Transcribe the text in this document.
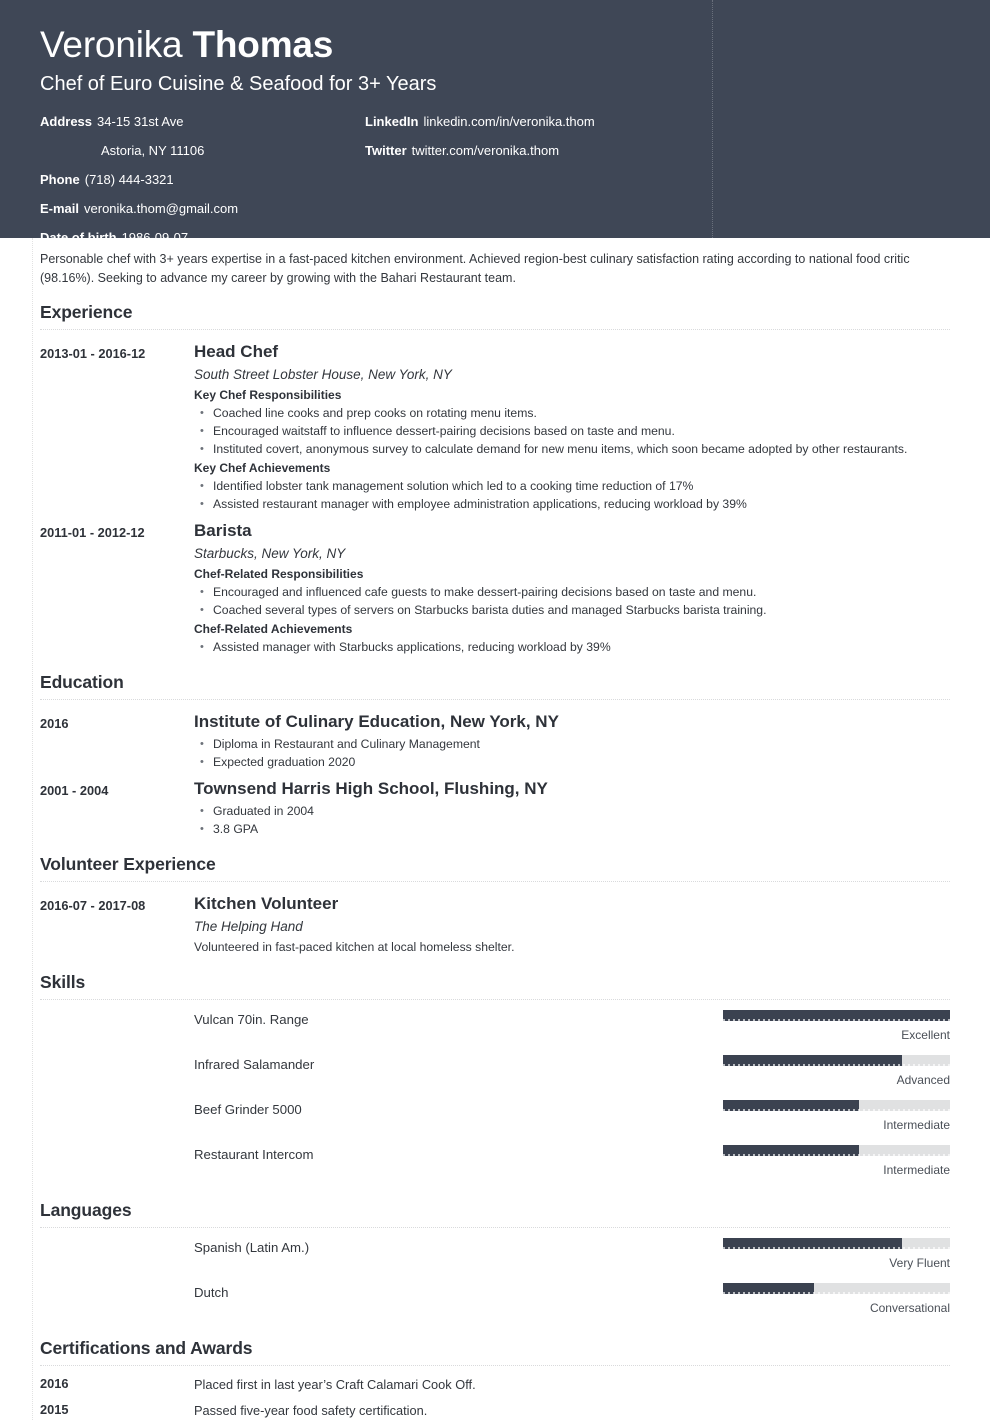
Veronika Thomas
Chef of Euro Cuisine & Seafood for 3+ Years
Address 34-15 31st Ave
Astoria, NY 11106
Phone (718) 444-3321
E-mail veronika.thom@gmail.com
Date of birth 1986-09-07
LinkedIn linkedin.com/in/veronika.thom
Twitter twitter.com/veronika.thom
Personable chef with 3+ years expertise in a fast-paced kitchen environment. Achieved region-best culinary satisfaction rating according to national food critic (98.16%). Seeking to advance my career by growing with the Bahari Restaurant team.
Experience
2013-01 - 2016-12	Head Chef
South Street Lobster House, New York, NY
Key Chef Responsibilities
• Coached line cooks and prep cooks on rotating menu items.
• Encouraged waitstaff to influence dessert-pairing decisions based on taste and menu.
• Instituted covert, anonymous survey to calculate demand for new menu items, which soon became adopted by other restaurants.
Key Chef Achievements
• Identified lobster tank management solution which led to a cooking time reduction of 17%
• Assisted restaurant manager with employee administration applications, reducing workload by 39%
2011-01 - 2012-12	Barista
Starbucks, New York, NY
Chef-Related Responsibilities
• Encouraged and influenced cafe guests to make dessert-pairing decisions based on taste and menu.
• Coached several types of servers on Starbucks barista duties and managed Starbucks barista training.
Chef-Related Achievements
• Assisted manager with Starbucks applications, reducing workload by 39%
Education
2016	Institute of Culinary Education, New York, NY
• Diploma in Restaurant and Culinary Management
• Expected graduation 2020
2001 - 2004	Townsend Harris High School, Flushing, NY
• Graduated in 2004
• 3.8 GPA
Volunteer Experience
2016-07 - 2017-08	Kitchen Volunteer
The Helping Hand
Volunteered in fast-paced kitchen at local homeless shelter.
Skills
Vulcan 70in. Range
Excellent
Infrared Salamander
Advanced
Beef Grinder 5000
Intermediate
Restaurant Intercom
Intermediate
Languages
Spanish (Latin Am.)
Very Fluent
Dutch
Conversational
Certifications and Awards
2016	Placed first in last year’s Craft Calamari Cook Off.
2015	Passed five-year food safety certification.
